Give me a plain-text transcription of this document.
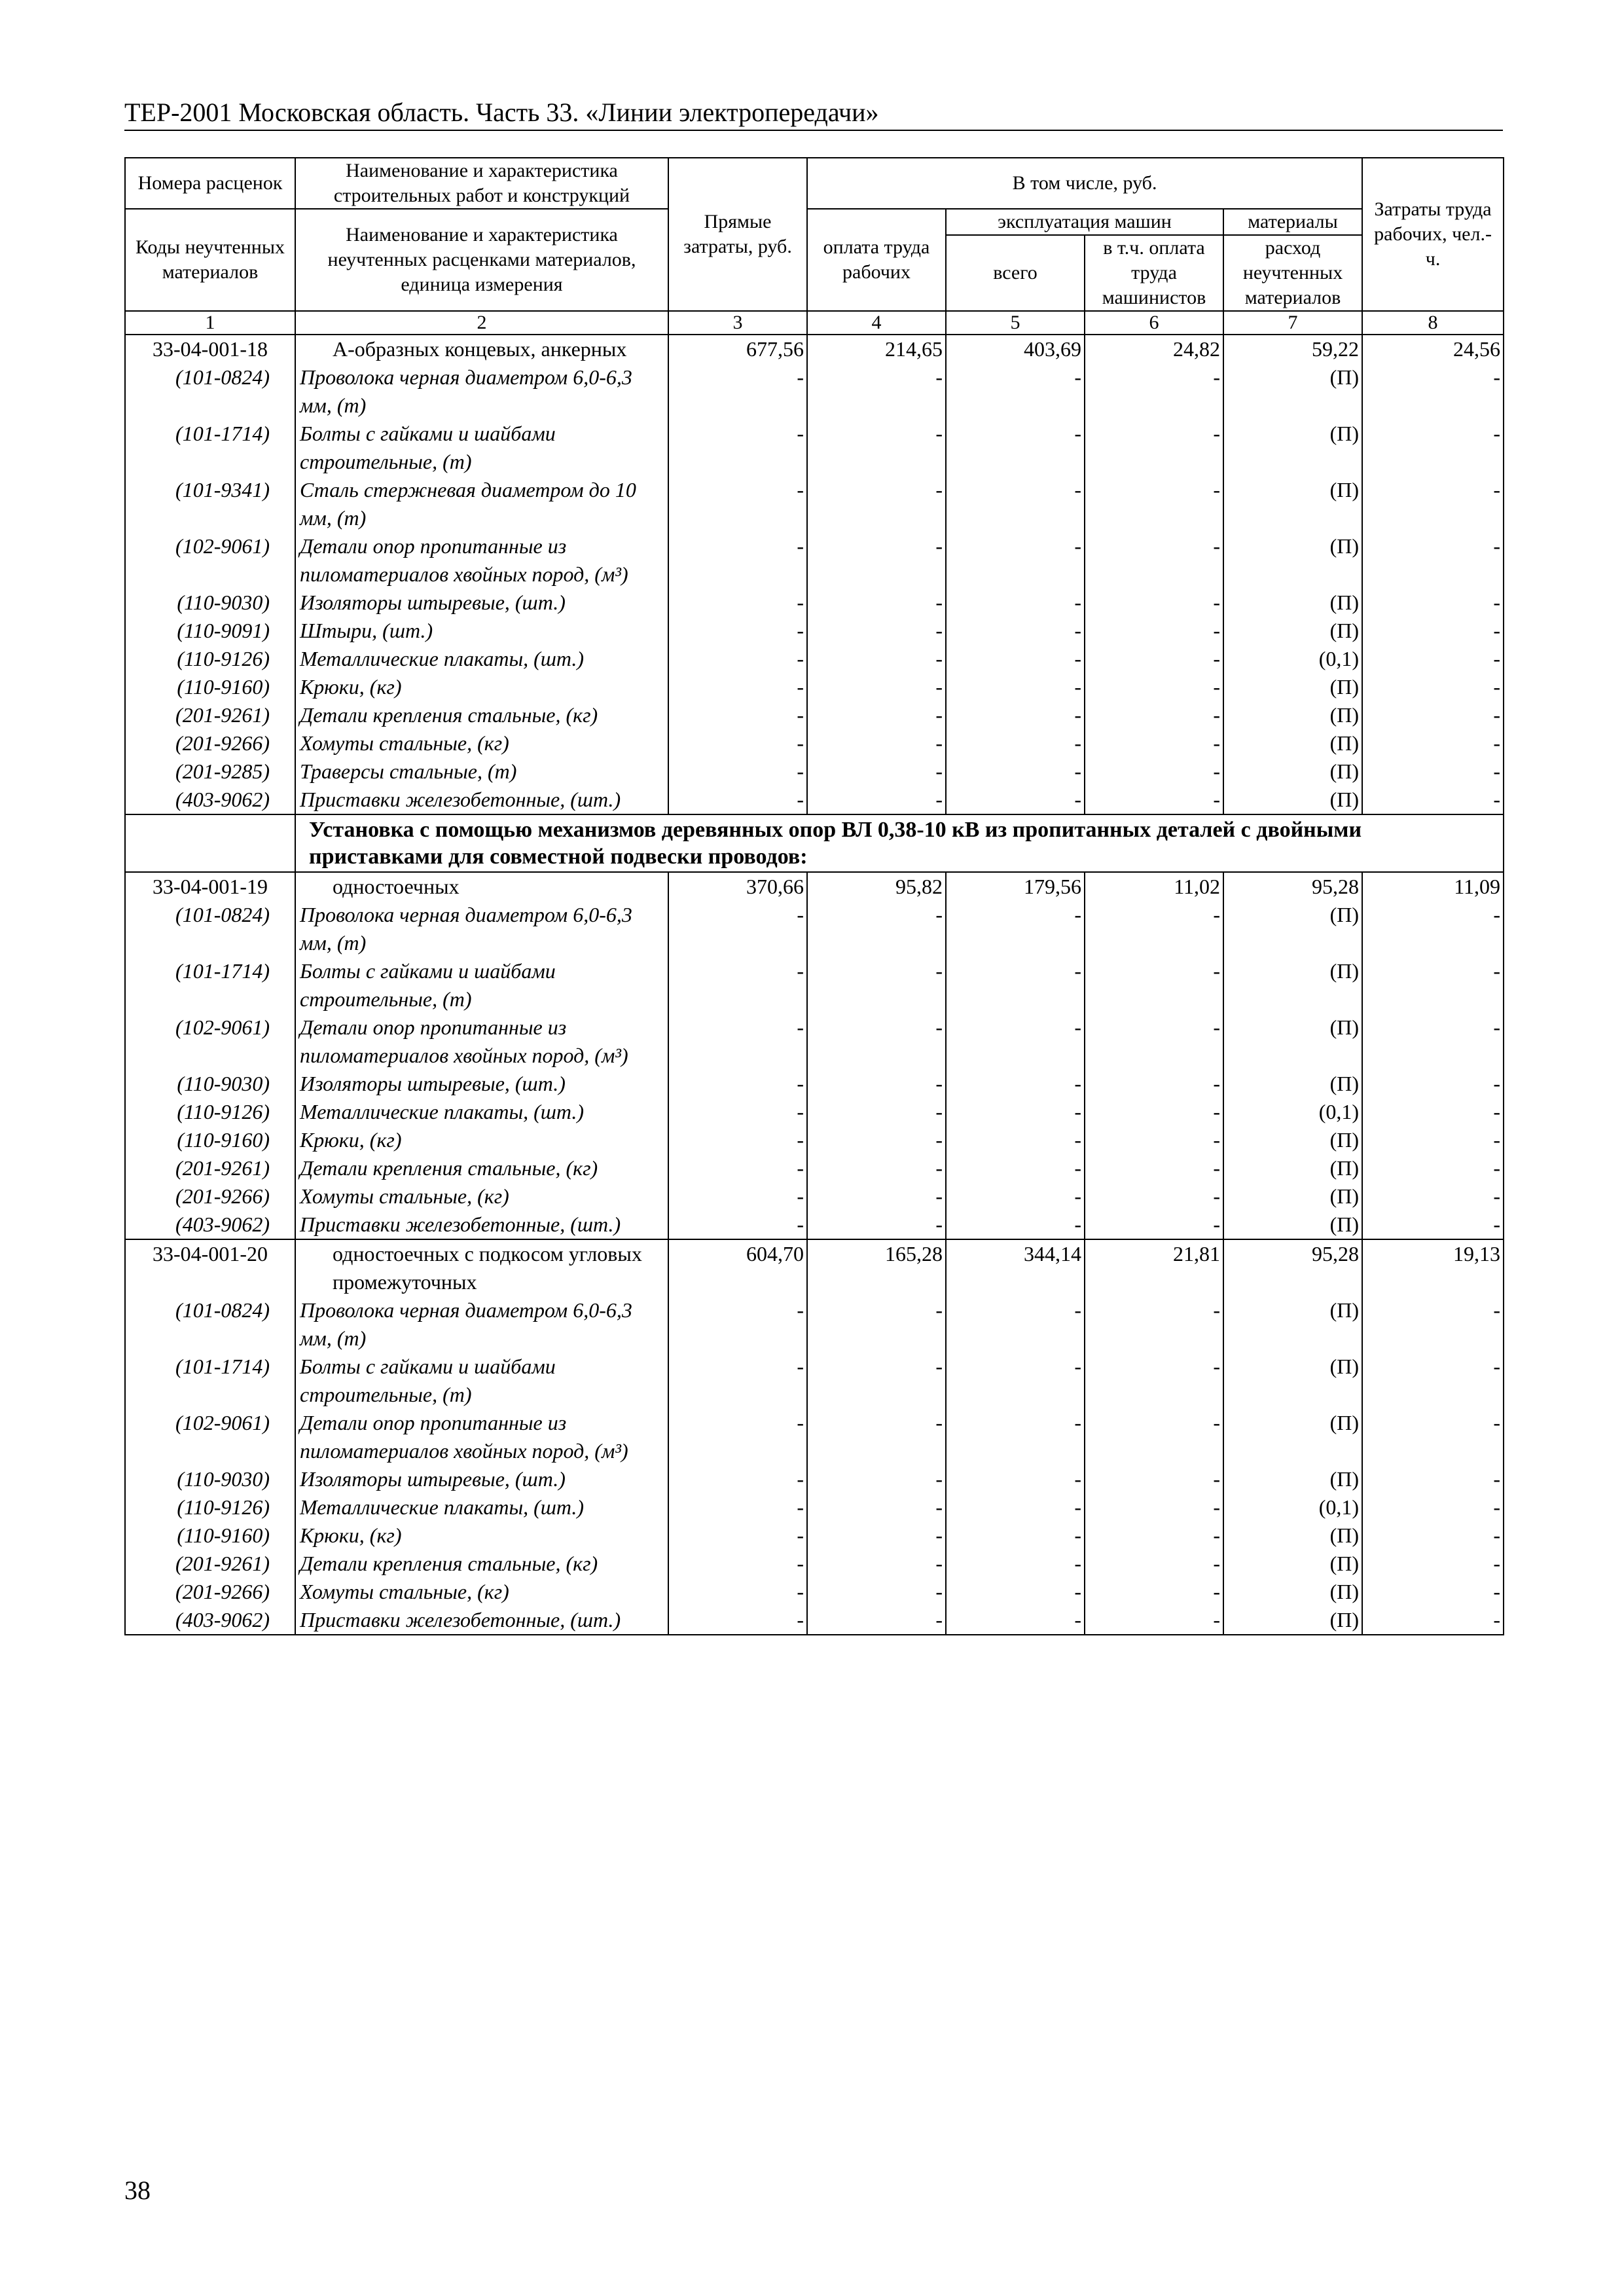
ТЕР-2001 Московская область. Часть 33. «Линии электропередачи»
Номера расценок	Наименование и характеристика строительных работ и конструкций	Прямые затраты, руб.	В том числе, руб.				Затраты труда рабочих, чел.-ч.
Коды неучтенных материалов	Наименование и характеристика неучтенных расценками материалов, единица измерения		оплата труда рабочих	эксплуатация машин		материалы	
				всего	в т.ч. оплата труда машинистов	расход неучтенных материалов	
1	2	3	4	5	6	7	8
33-04-001-18	А-образных концевых, анкерных	677,56	214,65	403,69	24,82	59,22	24,56
(101-0824)	Проволока черная диаметром 6,0-6,3 мм, (т)	-	-	-	-	(П)	-
(101-1714)	Болты с гайками и шайбами строительные, (т)	-	-	-	-	(П)	-
(101-9341)	Сталь стержневая диаметром до 10 мм, (т)	-	-	-	-	(П)	-
(102-9061)	Детали опор пропитанные из пиломатериалов хвойных пород, (м³)	-	-	-	-	(П)	-
(110-9030)	Изоляторы штыревые, (шт.)	-	-	-	-	(П)	-
(110-9091)	Штыри, (шт.)	-	-	-	-	(П)	-
(110-9126)	Металлические плакаты, (шт.)	-	-	-	-	(0,1)	-
(110-9160)	Крюки, (кг)	-	-	-	-	(П)	-
(201-9261)	Детали крепления стальные, (кг)	-	-	-	-	(П)	-
(201-9266)	Хомуты стальные, (кг)	-	-	-	-	(П)	-
(201-9285)	Траверсы стальные, (т)	-	-	-	-	(П)	-
(403-9062)	Приставки железобетонные, (шт.)	-	-	-	-	(П)	-
	Установка с помощью механизмов деревянных опор ВЛ 0,38-10 кВ из пропитанных деталей с двойными приставками для совместной подвески проводов:						
33-04-001-19	одностоечных	370,66	95,82	179,56	11,02	95,28	11,09
(101-0824)	Проволока черная диаметром 6,0-6,3 мм, (т)	-	-	-	-	(П)	-
(101-1714)	Болты с гайками и шайбами строительные, (т)	-	-	-	-	(П)	-
(102-9061)	Детали опор пропитанные из пиломатериалов хвойных пород, (м³)	-	-	-	-	(П)	-
(110-9030)	Изоляторы штыревые, (шт.)	-	-	-	-	(П)	-
(110-9126)	Металлические плакаты, (шт.)	-	-	-	-	(0,1)	-
(110-9160)	Крюки, (кг)	-	-	-	-	(П)	-
(201-9261)	Детали крепления стальные, (кг)	-	-	-	-	(П)	-
(201-9266)	Хомуты стальные, (кг)	-	-	-	-	(П)	-
(403-9062)	Приставки железобетонные, (шт.)	-	-	-	-	(П)	-
33-04-001-20	одностоечных с подкосом угловых промежуточных	604,70	165,28	344,14	21,81	95,28	19,13
(101-0824)	Проволока черная диаметром 6,0-6,3 мм, (т)	-	-	-	-	(П)	-
(101-1714)	Болты с гайками и шайбами строительные, (т)	-	-	-	-	(П)	-
(102-9061)	Детали опор пропитанные из пиломатериалов хвойных пород, (м³)	-	-	-	-	(П)	-
(110-9030)	Изоляторы штыревые, (шт.)	-	-	-	-	(П)	-
(110-9126)	Металлические плакаты, (шт.)	-	-	-	-	(0,1)	-
(110-9160)	Крюки, (кг)	-	-	-	-	(П)	-
(201-9261)	Детали крепления стальные, (кг)	-	-	-	-	(П)	-
(201-9266)	Хомуты стальные, (кг)	-	-	-	-	(П)	-
(403-9062)	Приставки железобетонные, (шт.)	-	-	-	-	(П)	-
38
